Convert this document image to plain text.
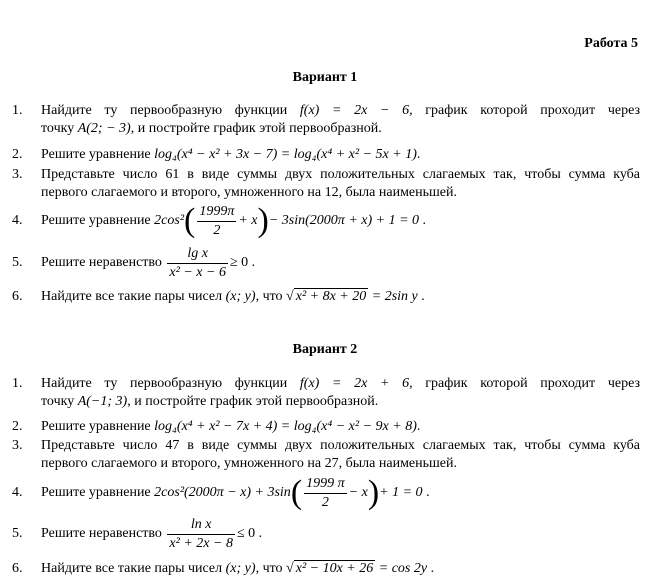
Работа 5
Вариант 1
1. Найдите ту первообразную функции f(x) = 2x − 6, график которой проходит через
точку A(2; − 3), и постройте график этой первообразной.
2. Решите уравнение log₄(x⁴ − x² + 3x − 7) = log₄(x⁴ + x² − 5x + 1).
3. Представьте число 61 в виде суммы двух положительных слагаемых так, чтобы сумма куба
первого слагаемого и второго, умноженного на 12, была наименьшей.
4. Решите уравнение
2cos² ( $\frac{1999\pi}{2} + x$ ) − 3sin(2000π + x) + 1 = 0
.
5. Решите неравенство
$\frac{\text{lg x}}{\text{x² − x − 6}} \ge 0$
.
6. Найдите все такие пары чисел (x; y), что √ x² + 8x + 20 = 2sin y .
Вариант 2
1. Найдите ту первообразную функции f(x) = 2x + 6, график которой проходит через
точку A(−1; 3), и постройте график этой первообразной.
2. Решите уравнение log₄(x⁴ + x² − 7x + 4) = log₄(x⁴ − x² − 9x + 8).
3. Представьте число 47 в виде суммы двух положительных слагаемых так, чтобы сумма куба
первого слагаемого и второго, умноженного на 27, была наименьшей.
4. Решите уравнение
2cos²(2000π − x) + 3sin ( $\frac{1999 \pi}{2} - x$ ) + 1 = 0
.
5. Решите неравенство
$\frac{\text{ln x}}{\text{x² + 2x − 8}} \le 0$
.
6. Найдите все такие пары чисел (x; y), что √ x² − 10x + 26 = cos 2y .
